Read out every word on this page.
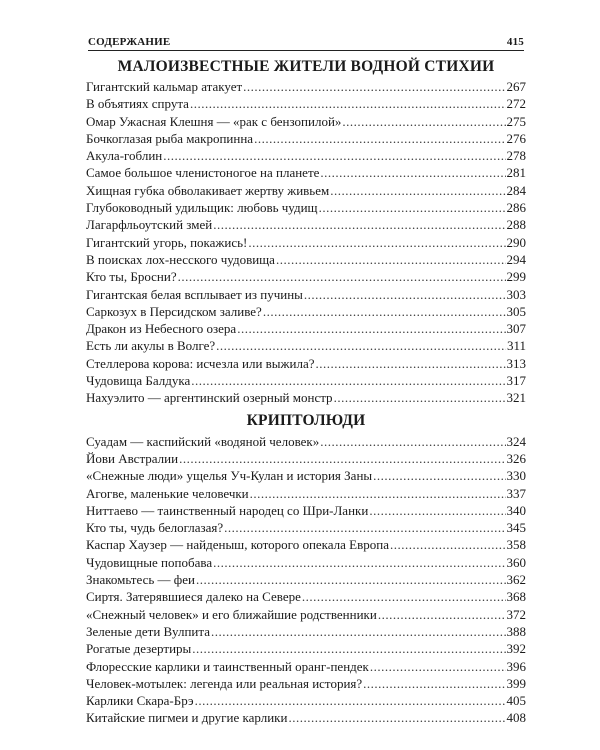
СОДЕРЖАНИЕ	415
МАЛОИЗВЕСТНЫЕ ЖИТЕЛИ ВОДНОЙ СТИХИИ
Гигантский кальмар атакует .....	267
В объятиях спрута .....	272
Омар Ужасная Клешня — «рак с бензопилой» .....	275
Бочкоглазая рыба макропинна .....	276
Акула-гоблин .....	278
Самое большое членистоногое на планете .....	281
Хищная губка обволакивает жертву живьем .....	284
Глубоководный удильщик: любовь чудищ .....	286
Лагарфльоутский змей .....	288
Гигантский угорь, покажись! .....	290
В поисках лох-несского чудовища .....	294
Кто ты, Бросни? .....	299
Гигантская белая всплывает из пучины .....	303
Саркозух в Персидском заливе? .....	305
Дракон из Небесного озера .....	307
Есть ли акулы в Волге? .....	311
Стеллерова корова: исчезла или выжила? .....	313
Чудовища Балдука .....	317
Нахуэлито — аргентинский озерный монстр .....	321
КРИПТОЛЮДИ
Суадам — каспийский «водяной человек» .....	324
Йови Австралии .....	326
«Снежные люди» ущелья Уч-Кулан и история Заны .....	330
Агогве, маленькие человечки .....	337
Ниттаево — таинственный народец со Шри-Ланки .....	340
Кто ты, чудь белоглазая? .....	345
Каспар Хаузер — найденыш, которого опекала Европа .....	358
Чудовищные попобава .....	360
Знакомьтесь — феи .....	362
Сиртя. Затерявшиеся далеко на Севере .....	368
«Снежный человек» и его ближайшие родственники .....	372
Зеленые дети Вулпита .....	388
Рогатые дезертиры .....	392
Флоресские карлики и таинственный оранг-пендек .....	396
Человек-мотылек: легенда или реальная история? .....	399
Карлики Скара-Брэ .....	405
Китайские пигмеи и другие карлики .....	408
